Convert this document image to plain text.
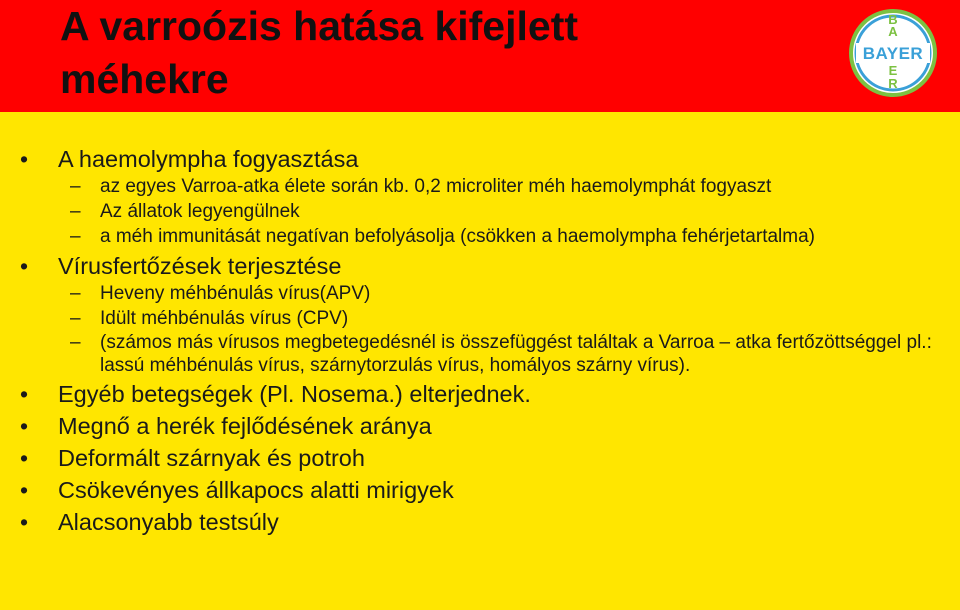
A varroózis hatása kifejlett
méhekre
BAYER
A
B
E
R
• A haemolympha fogyasztása
– az egyes Varroa-atka élete során kb. 0,2 microliter méh haemolymphát fogyaszt
– Az állatok legyengülnek
– a méh immunitását negatívan befolyásolja (csökken a haemolympha fehérjetartalma)
• Vírusfertőzések terjesztése
– Heveny méhbénulás vírus(APV)
– Idült méhbénulás vírus (CPV)
– (számos más vírusos megbetegedésnél is összefüggést találtak a Varroa – atka fertőzöttséggel pl.: lassú méhbénulás vírus, szárnytorzulás vírus, homályos szárny vírus).
• Egyéb betegségek (Pl. Nosema.) elterjednek.
• Megnő a herék fejlődésének aránya
• Deformált szárnyak és potroh
• Csökevényes állkapocs alatti mirigyek
• Alacsonyabb testsúly
